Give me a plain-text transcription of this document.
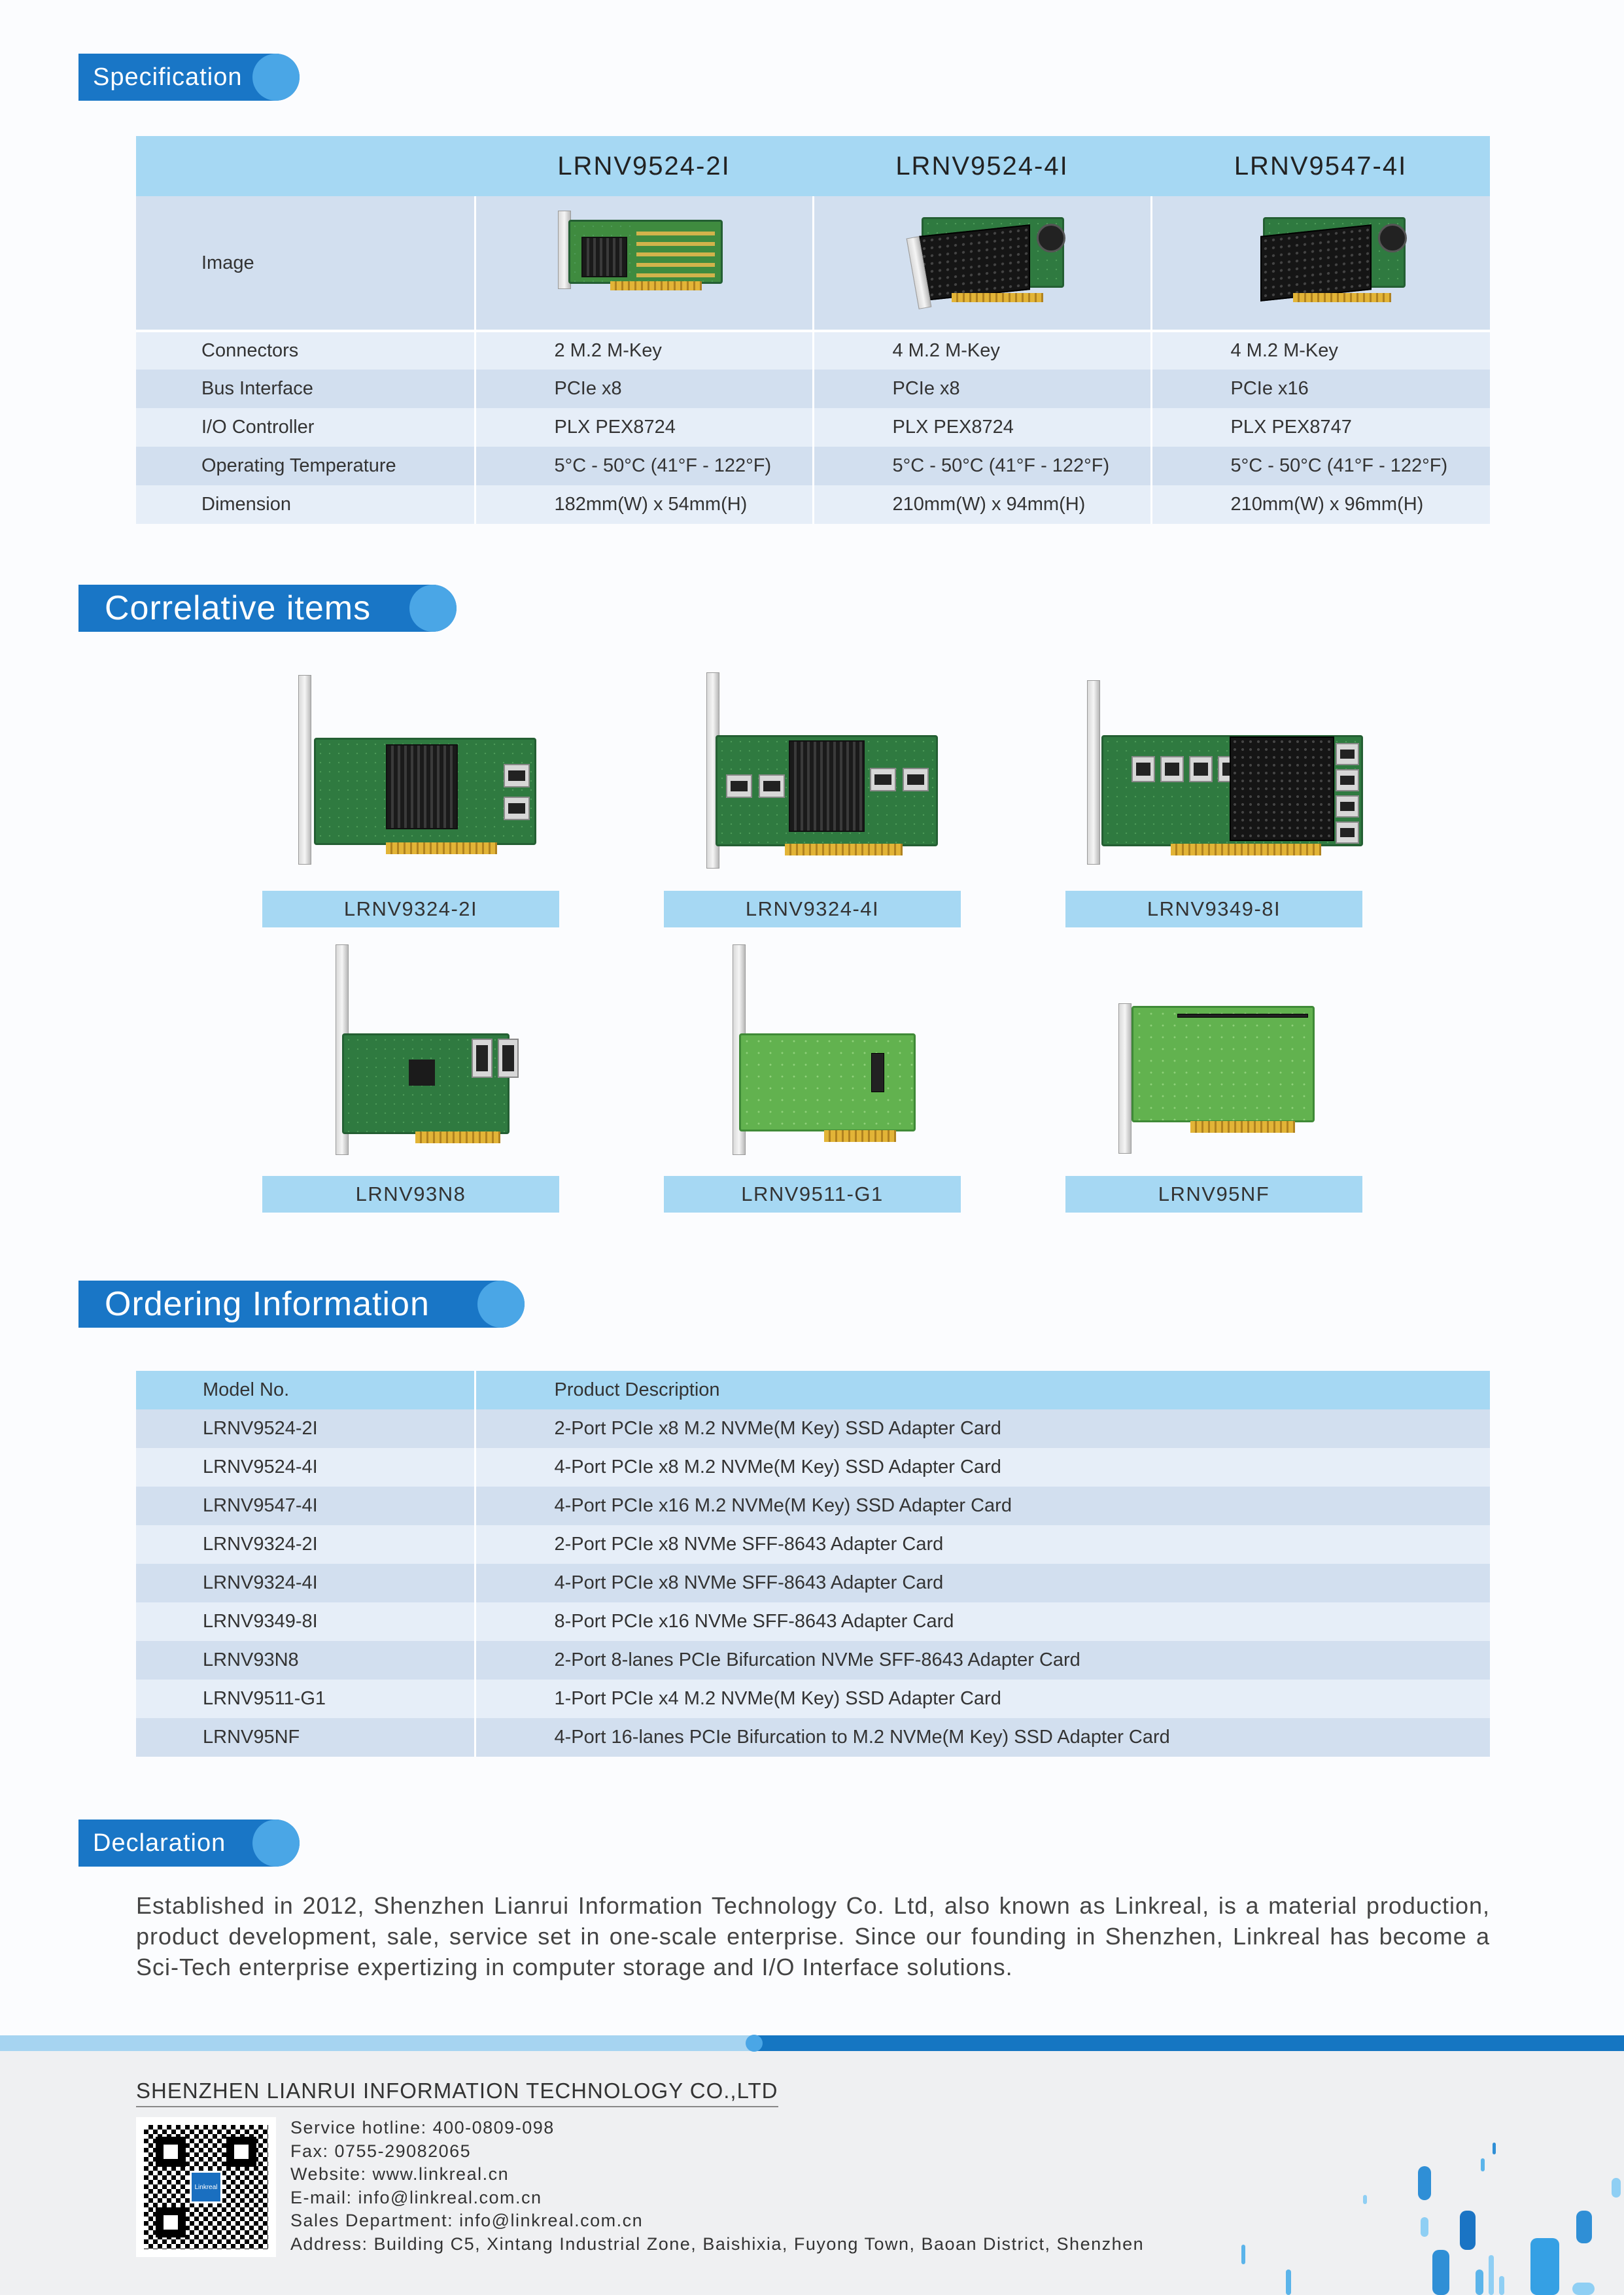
Specification
	LRNV9524-2I	LRNV9524-4I	LRNV9547-4I
Image	

Connectors	2 M.2 M-Key	4 M.2 M-Key	4 M.2 M-Key
Bus Interface	PCIe x8	PCIe x8	PCIe x16
I/O Controller	PLX PEX8724	PLX PEX8724	PLX PEX8747
Operating Temperature	5°C - 50°C (41°F - 122°F)	5°C - 50°C (41°F - 122°F)	5°C - 50°C (41°F - 122°F)
Dimension	182mm(W) x 54mm(H)	210mm(W) x 94mm(H)	210mm(W) x 96mm(H)
Correlative items
LRNV9324-2I	LRNV9324-4I	LRNV9349-8I
LRNV93N8	LRNV9511-G1	LRNV95NF
Ordering Information
Model No.	Product Description
LRNV9524-2I	2-Port PCIe x8 M.2 NVMe(M Key) SSD Adapter Card
LRNV9524-4I	4-Port PCIe x8 M.2 NVMe(M Key) SSD Adapter Card
LRNV9547-4I	4-Port PCIe x16 M.2 NVMe(M Key) SSD Adapter Card
LRNV9324-2I	2-Port PCIe x8 NVMe SFF-8643 Adapter Card
LRNV9324-4I	4-Port PCIe x8 NVMe SFF-8643 Adapter Card
LRNV9349-8I	8-Port PCIe x16 NVMe SFF-8643 Adapter Card
LRNV93N8	2-Port 8-lanes PCIe Bifurcation NVMe SFF-8643 Adapter Card
LRNV9511-G1	1-Port PCIe x4 M.2 NVMe(M Key) SSD Adapter Card
LRNV95NF	4-Port 16-lanes PCIe Bifurcation to M.2 NVMe(M Key) SSD Adapter Card
Declaration

Established in 2012, Shenzhen Lianrui Information Technology Co. Ltd, also known as Linkreal, is a material production, product development, sale, service set in one-scale enterprise. Since our founding in Shenzhen, Linkreal has become a Sci-Tech enterprise expertizing in computer storage and I/O Interface solutions.

SHENZHEN LIANRUI INFORMATION TECHNOLOGY CO.,LTD
Linkreal
Service hotline: 400-0809-098
Fax: 0755-29082065
Website: www.linkreal.cn
E-mail: info@linkreal.com.cn
Sales Department: info@linkreal.com.cn
Address: Building C5, Xintang Industrial Zone, Baishixia, Fuyong Town, Baoan District, Shenzhen
